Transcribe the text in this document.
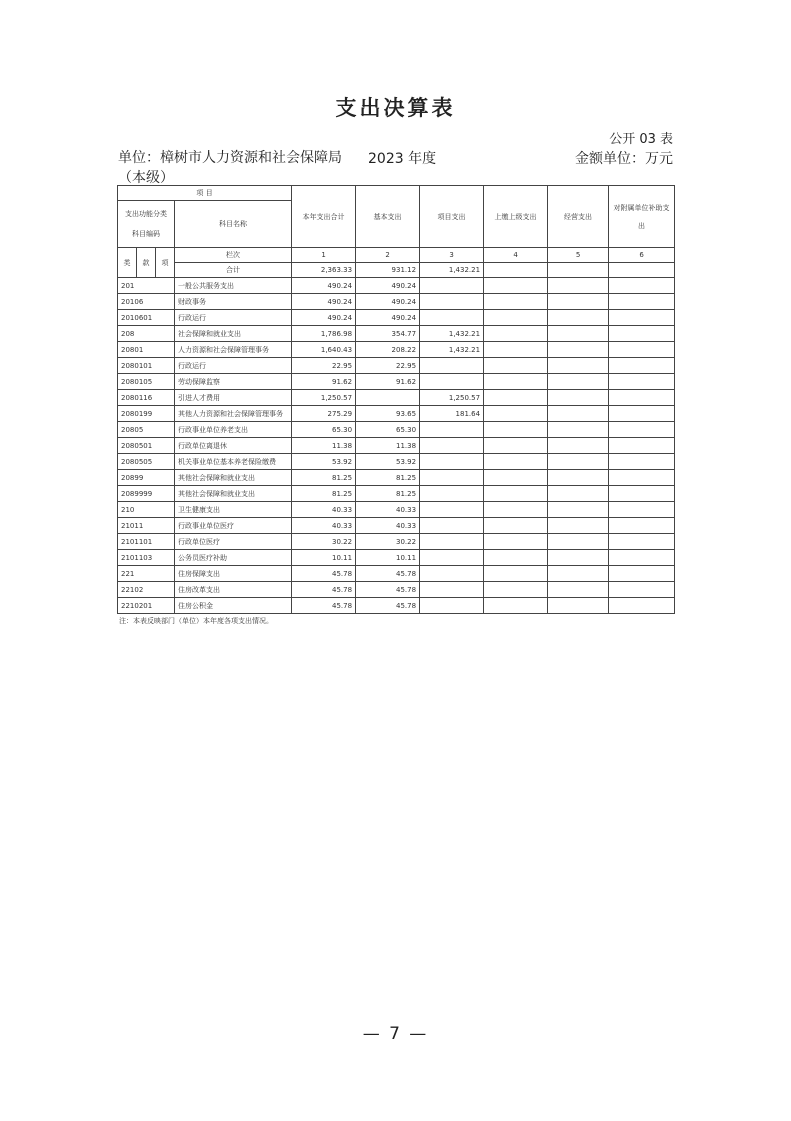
支出决算表
公开 03 表
单位：樟树市人力资源和社会保障局（本级）
2023 年度	金额单位：万元
项 目				本年支出合计	基本支出	项目支出	上缴上级支出	经营支出	对附属单位补助支出

支出功能分类
科目编码			科目名称						
类	款	项	栏次	1	2	3	4	5	6
			合计	2,363.33	931.12	1,432.21			
201			一般公共服务支出	490.24	490.24				
20106			财政事务	490.24	490.24				
2010601			行政运行	490.24	490.24				
208			社会保障和就业支出	1,786.98	354.77	1,432.21			
20801			人力资源和社会保障管理事务	1,640.43	208.22	1,432.21			
2080101			行政运行	22.95	22.95				
2080105			劳动保障监察	91.62	91.62				
2080116			引进人才费用	1,250.57		1,250.57			
2080199			其他人力资源和社会保障管理事务	275.29	93.65	181.64			
20805			行政事业单位养老支出	65.30	65.30				
2080501			行政单位离退休	11.38	11.38				
2080505			机关事业单位基本养老保险缴费	53.92	53.92				
20899			其他社会保障和就业支出	81.25	81.25				
2089999			其他社会保障和就业支出	81.25	81.25				
210			卫生健康支出	40.33	40.33				
21011			行政事业单位医疗	40.33	40.33				
2101101			行政单位医疗	30.22	30.22				
2101103			公务员医疗补助	10.11	10.11				
221			住房保障支出	45.78	45.78				
22102			住房改革支出	45.78	45.78				
2210201			住房公积金	45.78	45.78				
注：本表反映部门（单位）本年度各项支出情况。
— 7 —
